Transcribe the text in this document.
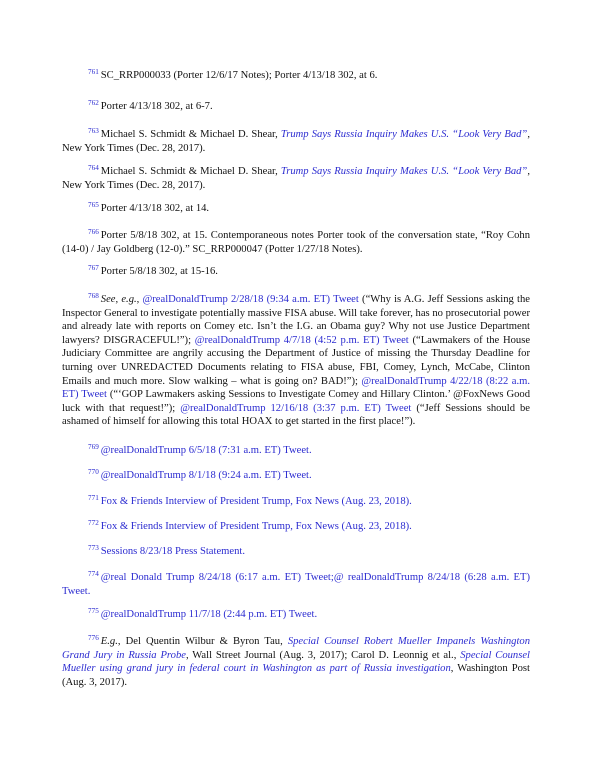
$^{761}$ SC_RRP000033 (Porter 12/6/17 Notes); Porter 4/13/18 302, at 6.
$^{762}$ Porter 4/13/18 302, at 6-7.
$^{763}$ Michael S. Schmidt & Michael D. Shear, Trump Says Russia Inquiry Makes U.S. “Look Very Bad”, New York Times (Dec. 28, 2017).
$^{764}$ Michael S. Schmidt & Michael D. Shear, Trump Says Russia Inquiry Makes U.S. “Look Very Bad”, New York Times (Dec. 28, 2017).
$^{765}$ Porter 4/13/18 302, at 14.
$^{766}$ Porter 5/8/18 302, at 15. Contemporaneous notes Porter took of the conversation state, “Roy Cohn (14-0) / Jay Goldberg (12-0).” SC_RRP000047 (Potter 1/27/18 Notes).
$^{767}$ Porter 5/8/18 302, at 15-16.
$^{768}$ See, e.g., @realDonaldTrump 2/28/18 (9:34 a.m. ET) Tweet (“Why is A.G. Jeff Sessions asking the Inspector General to investigate potentially massive FISA abuse. Will take forever, has no prosecutorial power and already late with reports on Comey etc. Isn’t the I.G. an Obama guy? Why not use Justice Department lawyers? DISGRACEFUL!”); @realDonaldTrump 4/7/18 (4:52 p.m. ET) Tweet (“Lawmakers of the House Judiciary Committee are angrily accusing the Department of Justice of missing the Thursday Deadline for turning over UNREDACTED Documents relating to FISA abuse, FBI, Comey, Lynch, McCabe, Clinton Emails and much more. Slow walking – what is going on? BAD!”); @realDonaldTrump 4/22/18 (8:22 a.m. ET) Tweet (“‘GOP Lawmakers asking Sessions to Investigate Comey and Hillary Clinton.’ @FoxNews Good luck with that request!”); @realDonaldTrump 12/16/18 (3:37 p.m. ET) Tweet (“Jeff Sessions should be ashamed of himself for allowing this total HOAX to get started in the first place!”).
$^{769}$ @realDonaldTrump 6/5/18 (7:31 a.m. ET) Tweet.
$^{770}$ @realDonaldTrump 8/1/18 (9:24 a.m. ET) Tweet.
$^{771}$ Fox & Friends Interview of President Trump, Fox News (Aug. 23, 2018).
$^{772}$ Fox & Friends Interview of President Trump, Fox News (Aug. 23, 2018).
$^{773}$ Sessions 8/23/18 Press Statement.
$^{774}$ @real Donald Trump 8/24/18 (6:17 a.m. ET) Tweet;@ realDonaldTrump 8/24/18 (6:28 a.m. ET) Tweet.
$^{775}$ @realDonaldTrump 11/7/18 (2:44 p.m. ET) Tweet.
$^{776}$ E.g., Del Quentin Wilbur & Byron Tau, Special Counsel Robert Mueller Impanels Washington Grand Jury in Russia Probe, Wall Street Journal (Aug. 3, 2017); Carol D. Leonnig et al., Special Counsel Mueller using grand jury in federal court in Washington as part of Russia investigation, Washington Post (Aug. 3, 2017).
